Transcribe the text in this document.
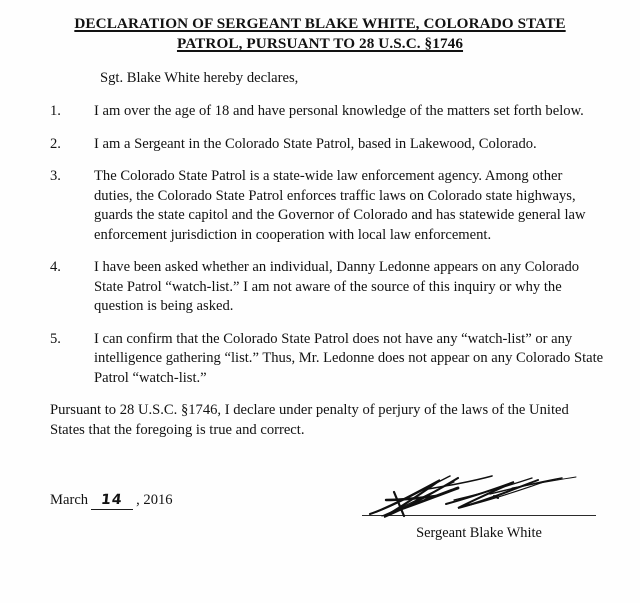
DECLARATION OF SERGEANT BLAKE WHITE, COLORADO STATE
PATROL, PURSUANT TO 28 U.S.C. §1746
Sgt. Blake White hereby declares,
1.	I am over the age of 18 and have personal knowledge of the matters set forth below.
2.	I am a Sergeant in the Colorado State Patrol, based in Lakewood, Colorado.
3.	The Colorado State Patrol is a state-wide law enforcement agency. Among other duties, the Colorado State Patrol enforces traffic laws on Colorado state highways, guards the state capitol and the Governor of Colorado and has statewide general law enforcement jurisdiction in cooperation with local law enforcement.
4.	I have been asked whether an individual, Danny Ledonne appears on any Colorado State Patrol “watch-list.” I am not aware of the source of this inquiry or why the question is being asked.
5.	I can confirm that the Colorado State Patrol does not have any “watch-list” or any intelligence gathering “list.” Thus, Mr. Ledonne does not appear on any Colorado State Patrol “watch-list.”
Pursuant to 28 U.S.C. §1746, I declare under penalty of perjury of the laws of the United States that the foregoing is true and correct.
March 14 , 2016
Sergeant Blake White
